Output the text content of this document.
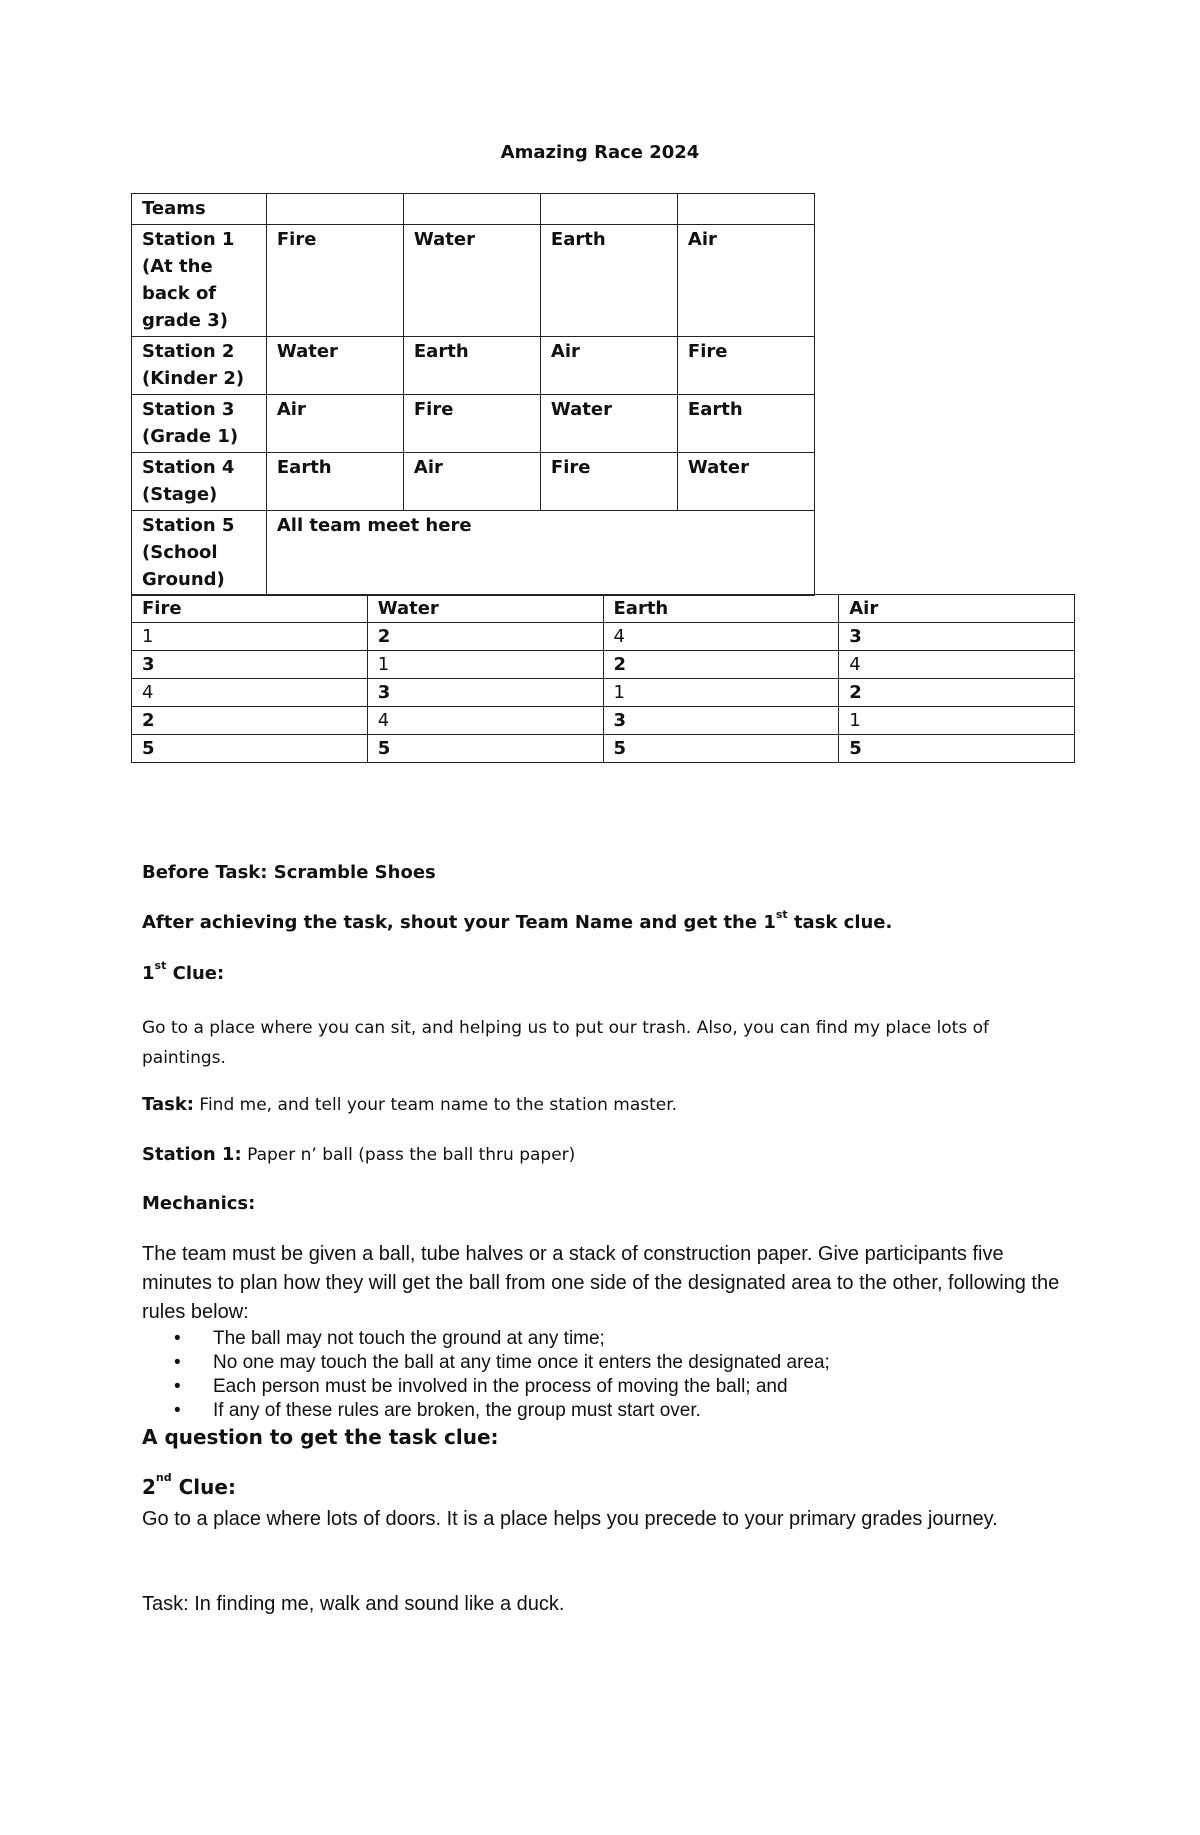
Amazing Race 2024
Teams				
Station 1 (At the back of grade 3)	Fire	Water	Earth	Air
Station 2 (Kinder 2)	Water	Earth	Air	Fire
Station 3 (Grade 1)	Air	Fire	Water	Earth
Station 4 (Stage)	Earth	Air	Fire	Water
Station 5 (School Ground)	All team meet here			
Fire	Water	Earth	Air
1	2	4	3
3	1	2	4
4	3	1	2
2	4	3	1
5	5	5	5
Before Task: Scramble Shoes
After achieving the task, shout your Team Name and get the 1st task clue.
1st Clue:
Go to a place where you can sit, and helping us to put our trash. Also, you can find my place lots of paintings.
Task: Find me, and tell your team name to the station master.
Station 1: Paper n’ ball (pass the ball thru paper)
Mechanics:
The team must be given a ball, tube halves or a stack of construction paper. Give participants five minutes to plan how they will get the ball from one side of the designated area to the other, following the rules below:
• The ball may not touch the ground at any time;
• No one may touch the ball at any time once it enters the designated area;
• Each person must be involved in the process of moving the ball; and
• If any of these rules are broken, the group must start over.
A question to get the task clue:
2nd Clue:
Go to a place where lots of doors. It is a place helps you precede to your primary grades journey.
Task: In finding me, walk and sound like a duck.
